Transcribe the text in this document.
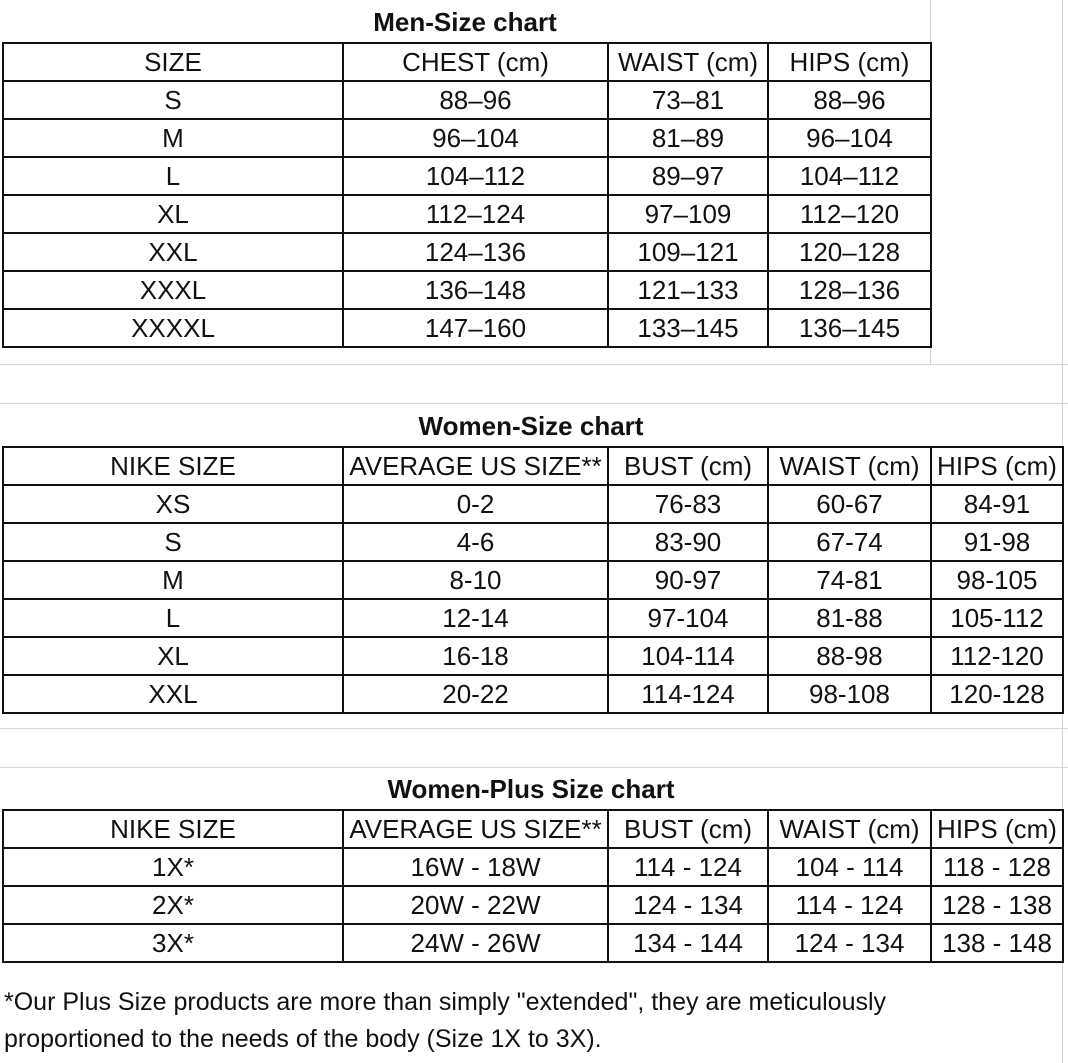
Men-Size chart
SIZE	CHEST (cm)	WAIST (cm)	HIPS (cm)
S	88–96	73–81	88–96
M	96–104	81–89	96–104
L	104–112	89–97	104–112
XL	112–124	97–109	112–120
XXL	124–136	109–121	120–128
XXXL	136–148	121–133	128–136
XXXXL	147–160	133–145	136–145
Women-Size chart
NIKE SIZE	AVERAGE US SIZE**	BUST (cm)	WAIST (cm)	HIPS (cm)
XS	0-2	76-83	60-67	84-91
S	4-6	83-90	67-74	91-98
M	8-10	90-97	74-81	98-105
L	12-14	97-104	81-88	105-112
XL	16-18	104-114	88-98	112-120
XXL	20-22	114-124	98-108	120-128
Women-Plus Size chart
NIKE SIZE	AVERAGE US SIZE**	BUST (cm)	WAIST (cm)	HIPS (cm)
1X*	16W - 18W	114 - 124	104 - 114	118 - 128
2X*	20W - 22W	124 - 134	114 - 124	128 - 138
3X*	24W - 26W	134 - 144	124 - 134	138 - 148
*Our Plus Size products are more than simply "extended", they are meticulously
proportioned to the needs of the body (Size 1X to 3X).
